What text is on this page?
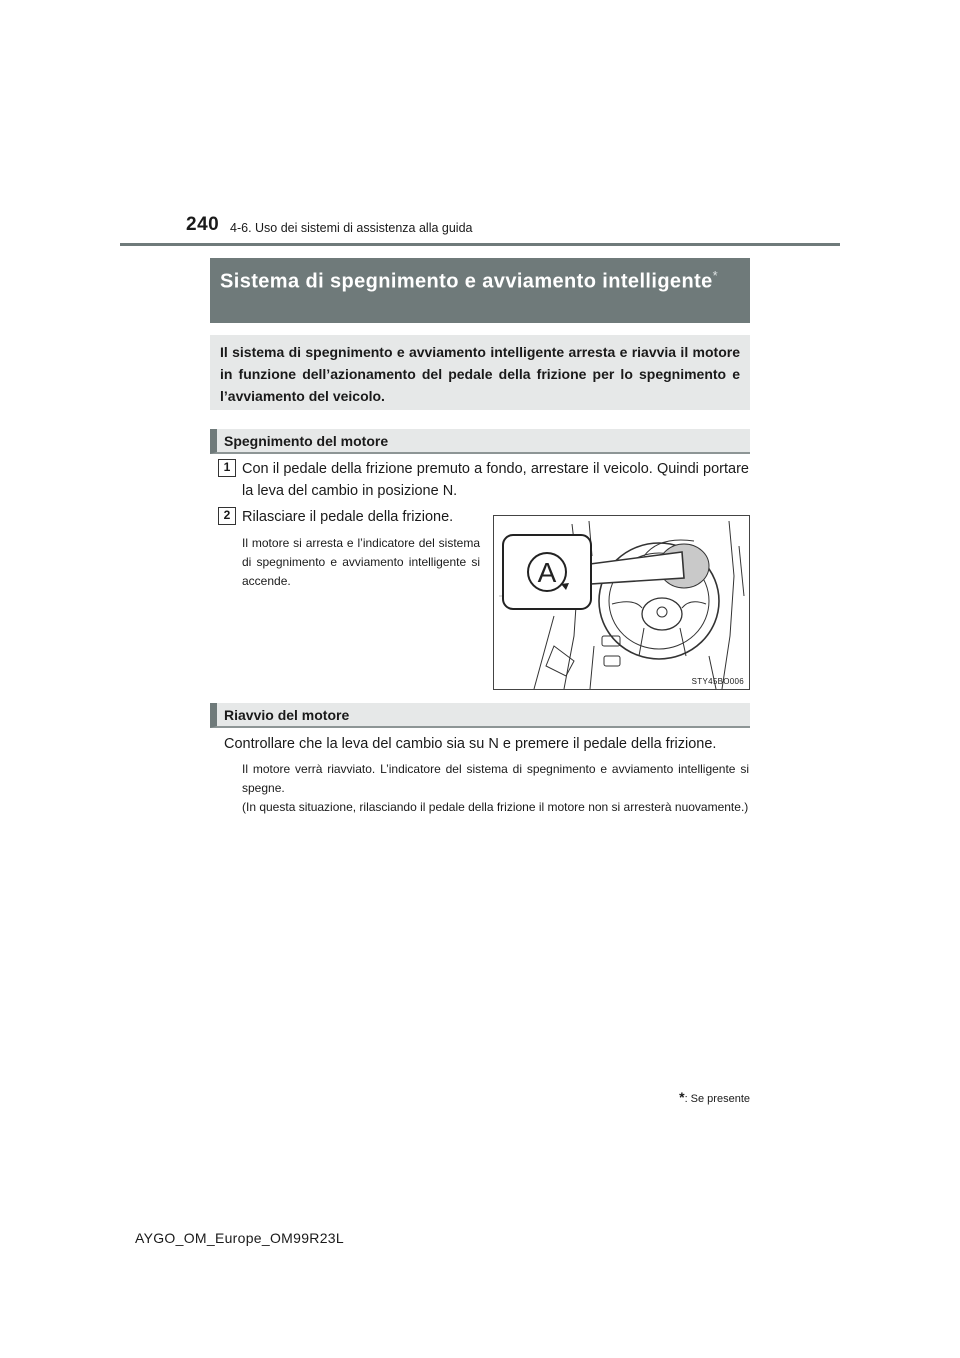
240 4-6. Uso dei sistemi di assistenza alla guida
Sistema di spegnimento e avviamento intelligente*
Il sistema di spegnimento e avviamento intelligente arresta e riavvia il motore in funzione dell’azionamento del pedale della frizione per lo spegnimento e l’avviamento del veicolo.
Spegnimento del motore
1 Con il pedale della frizione premuto a fondo, arrestare il veicolo. Quindi portare la leva del cambio in posizione N.
2 Rilasciare il pedale della frizione.
Il motore si arresta e l’indicatore del sistema di spegnimento e avviamento intelligente si accende.	A
STY45BO006
Riavvio del motore
Controllare che la leva del cambio sia su N e premere il pedale della frizione.
Il motore verrà riavviato. L’indicatore del sistema di spegnimento e avviamento intelligente si spegne.
(In questa situazione, rilasciando il pedale della frizione il motore non si arresterà nuovamente.)
*: Se presente
AYGO_OM_Europe_OM99R23L
